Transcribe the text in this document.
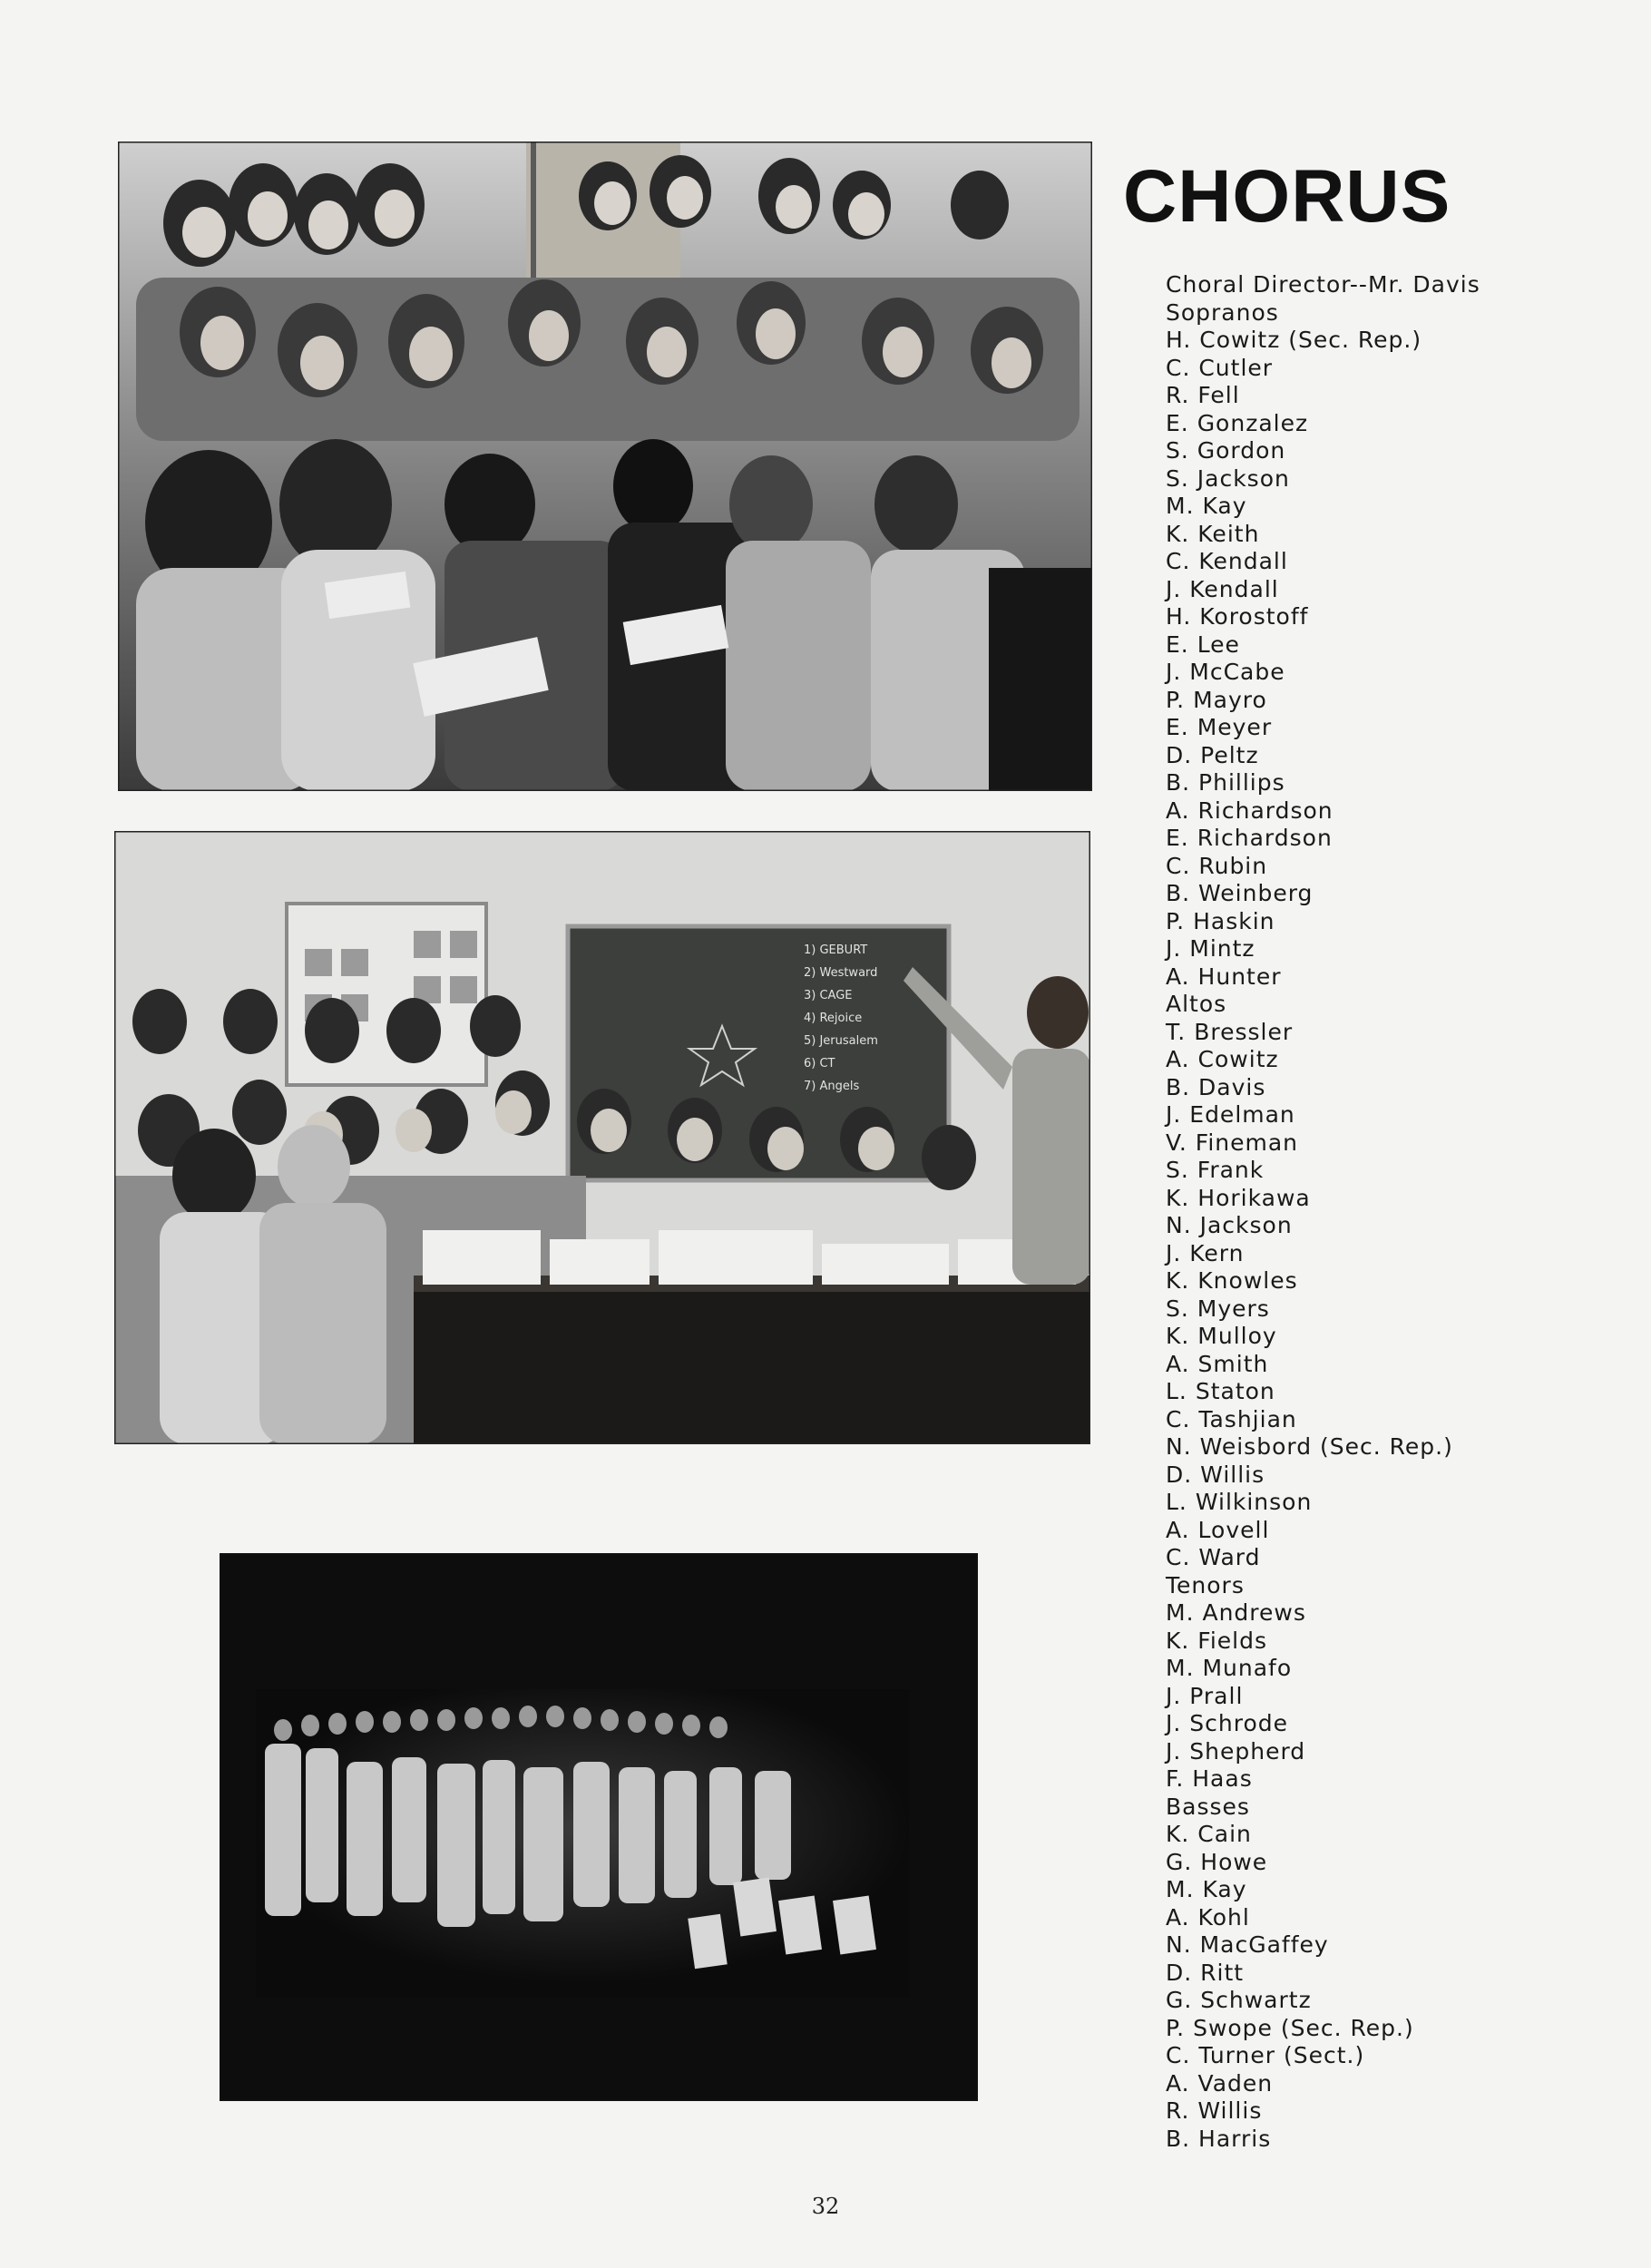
1) GEBURT
2) Westward
3) CAGE
4) Rejoice
5) Jerusalem
6) CT
7) Angels
CHORUS
Choral Director--Mr. Davis
Sopranos
H. Cowitz (Sec. Rep.)
C. Cutler
R. Fell
E. Gonzalez
S. Gordon
S. Jackson
M. Kay
K. Keith
C. Kendall
J. Kendall
H. Korostoff
E. Lee
J. McCabe
P. Mayro
E. Meyer
D. Peltz
B. Phillips
A. Richardson
E. Richardson
C. Rubin
B. Weinberg
P. Haskin
J. Mintz
A. Hunter
Altos
T. Bressler
A. Cowitz
B. Davis
J. Edelman
V. Fineman
S. Frank
K. Horikawa
N. Jackson
J. Kern
K. Knowles
S. Myers
K. Mulloy
A. Smith
L. Staton
C. Tashjian
N. Weisbord (Sec. Rep.)
D. Willis
L. Wilkinson
A. Lovell
C. Ward
Tenors
M. Andrews
K. Fields
M. Munafo
J. Prall
J. Schrode
J. Shepherd
F. Haas
Basses
K. Cain
G. Howe
M. Kay
A. Kohl
N. MacGaffey
D. Ritt
G. Schwartz
P. Swope (Sec. Rep.)
C. Turner (Sect.)
A. Vaden
R. Willis
B. Harris
32
